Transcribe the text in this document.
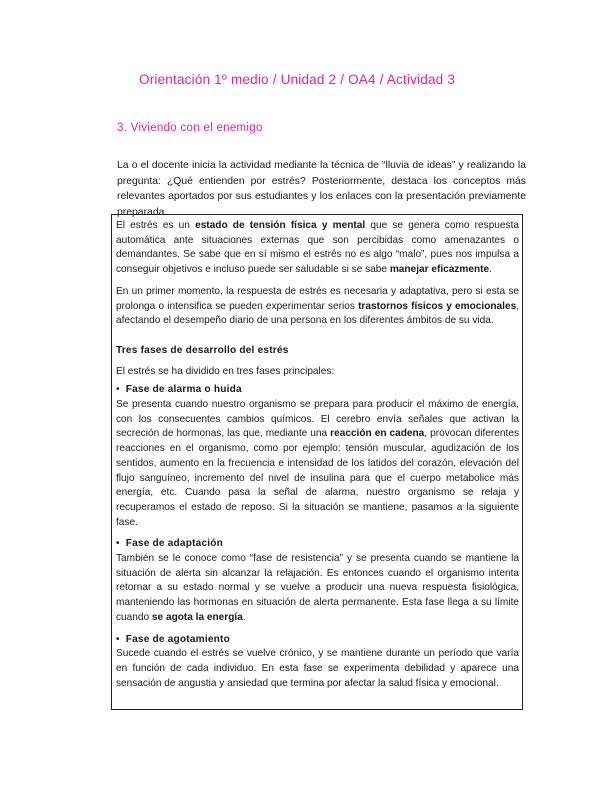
Orientación 1º medio / Unidad 2 / OA4 / Actividad 3
3. Viviendo con el enemigo
La o el docente inicia la actividad mediante la técnica de “lluvia de ideas” y realizando la pregunta: ¿Qué entienden por estrés? Posteriormente, destaca los conceptos más relevantes aportados por sus estudiantes y los enlaces con la presentación previamente preparada.

El estrés es un estado de tensión física y mental que se genera como respuesta automática ante situaciones externas que son percibidas como amenazantes o demandantes. Se sabe que en sí mismo el estrés no es algo “malo”, pues nos impulsa a conseguir objetivos e incluso puede ser saludable si se sabe manejar eficazmente.

En un primer momento, la respuesta de estrés es necesaria y adaptativa, pero si esta se prolonga o intensifica se pueden experimentar serios trastornos físicos y emocionales, afectando el desempeño diario de una persona en los diferentes ámbitos de su vida.

Tres fases de desarrollo del estrés

El estrés se ha dividido en tres fases principales:

• Fase de alarma o huida

Se presenta cuando nuestro organismo se prepara para producir el máximo de energía, con los consecuentes cambios químicos. El cerebro envía señales que activan la secreción de hormonas, las que, mediante una reacción en cadena, provocan diferentes reacciones en el organismo, como por ejemplo: tensión muscular, agudización de los sentidos, aumento en la frecuencia e intensidad de los latidos del corazón, elevación del flujo sanguíneo, incremento del nivel de insulina para que el cuerpo metabolice más energía, etc. Cuando pasa la señal de alarma, nuestro organismo se relaja y recuperamos el estado de reposo. Si la situación se mantiene, pasamos a la siguiente fase.

• Fase de adaptación

También se le conoce como “fase de resistencia” y se presenta cuando se mantiene la situación de alerta sin alcanzar la relajación. Es entonces cuando el organismo intenta retornar a su estado normal y se vuelve a producir una nueva respuesta fisiológica, manteniendo las hormonas en situación de alerta permanente. Esta fase llega a su límite cuando se agota la energía.

• Fase de agotamiento

Sucede cuando el estrés se vuelve crónico, y se mantiene durante un período que varía en función de cada individuo. En esta fase se experimenta debilidad y aparece una sensación de angustia y ansiedad que termina por afectar la salud física y emocional.
